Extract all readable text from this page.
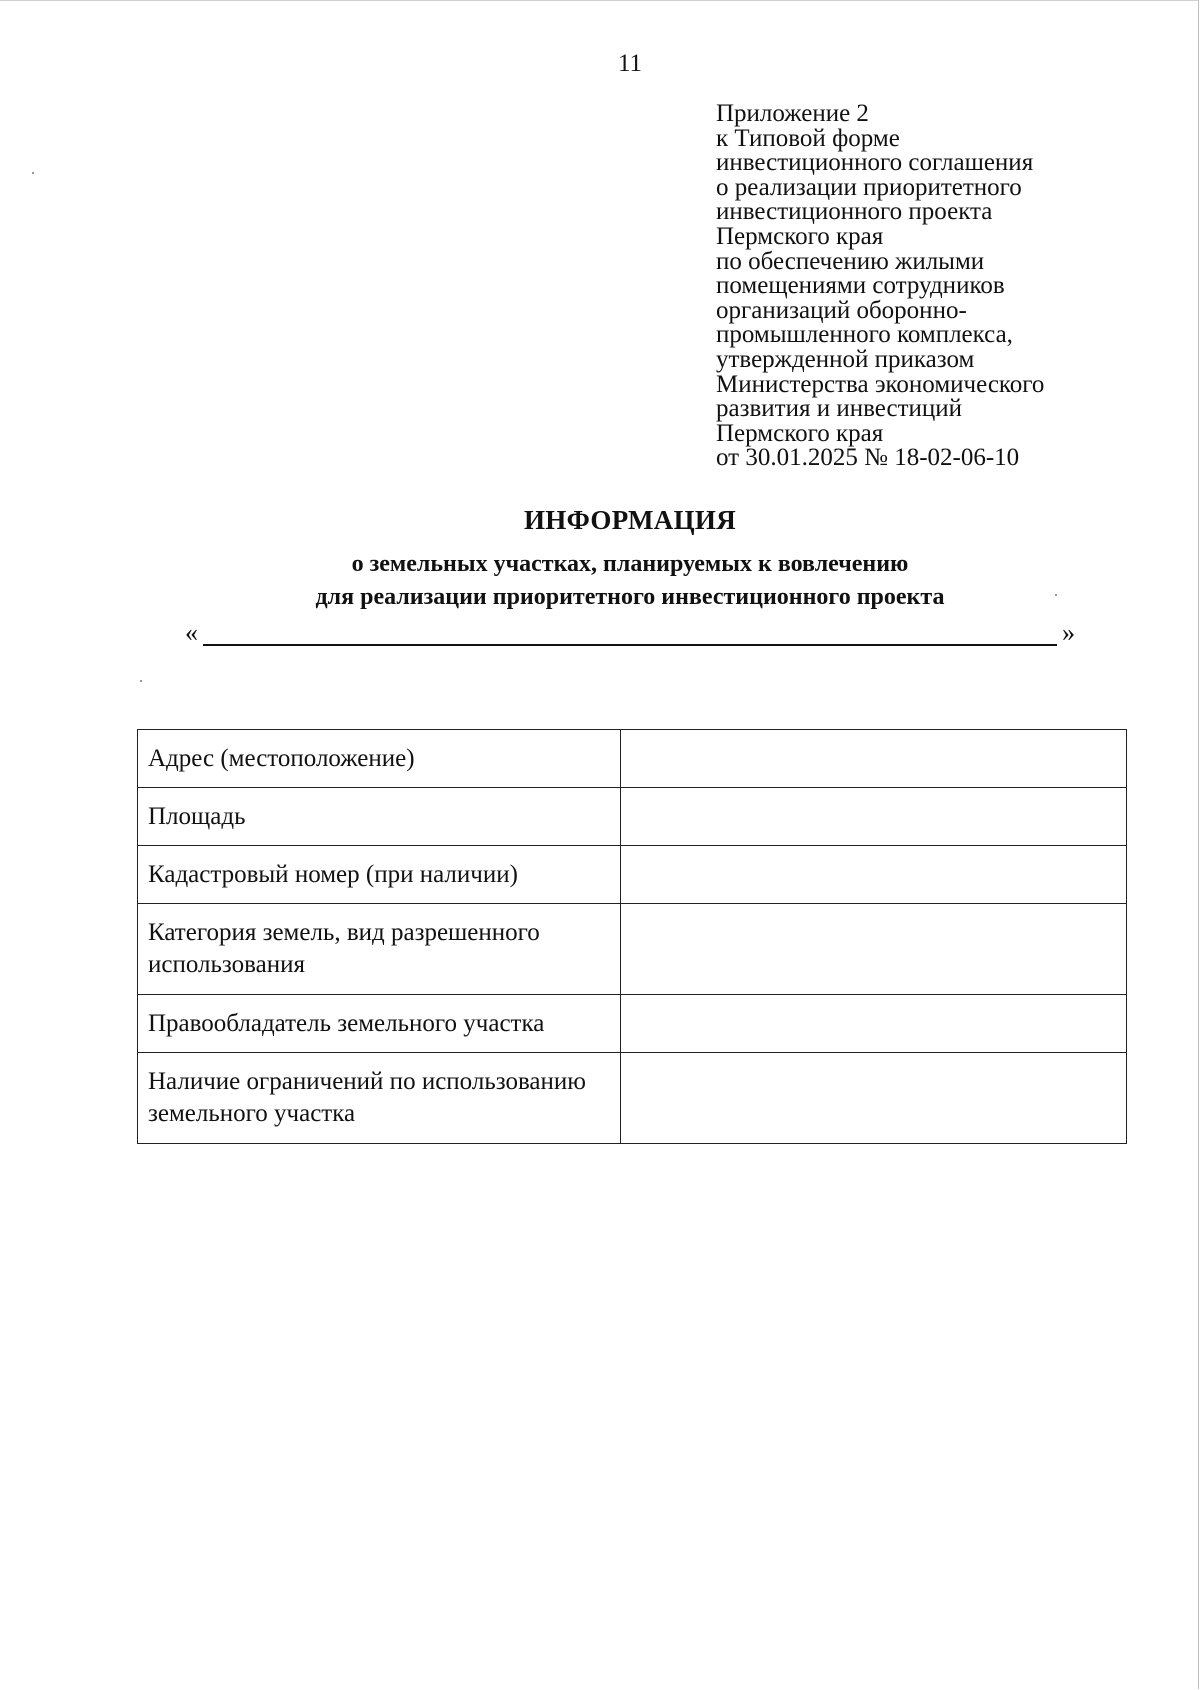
11
Приложение 2
к Типовой форме
инвестиционного соглашения
о реализации приоритетного
инвестиционного проекта
Пермского края
по обеспечению жилыми
помещениями сотрудников
организаций оборонно-
промышленного комплекса,
утвержденной приказом
Министерства экономического
развития и инвестиций
Пермского края
от 30.01.2025 № 18-02-06-10
ИНФОРМАЦИЯ
о земельных участках, планируемых к вовлечению
для реализации приоритетного инвестиционного проекта
«	»
Адрес (местоположение)	
Площадь	
Кадастровый номер (при наличии)	
Категория земель, вид разрешенного использования	
Правообладатель земельного участка	
Наличие ограничений по использованию земельного участка	
